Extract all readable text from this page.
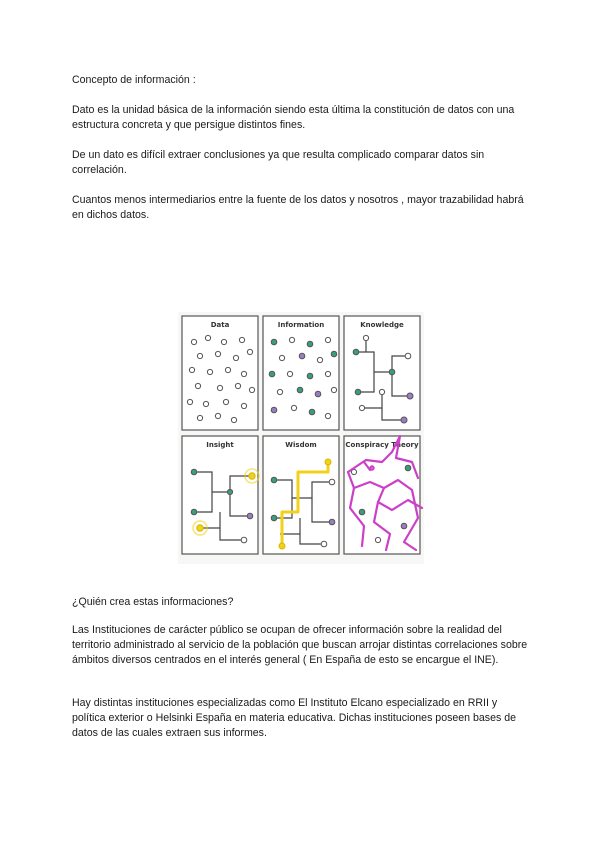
Concepto de información :

Dato es la unidad básica de la información siendo esta última la constitución de datos con una estructura concreta y que persigue distintos fines.

De un dato es difícil extraer conclusiones ya que resulta complicado comparar datos sin correlación.

Cuantos menos intermediarios entre la fuente de los datos y nosotros , mayor trazabilidad habrá en dichos datos.

Data	Information	Knowledge
Insight	Wisdom	Conspiracy Theory

¿Quién crea estas informaciones?

Las Instituciones de carácter público se ocupan de ofrecer información sobre la realidad del territorio administrado al servicio de la población que buscan arrojar distintas correlaciones sobre ámbitos diversos centrados en el interés general ( En España de esto se encargue el INE).

Hay distintas instituciones especializadas como El Instituto Elcano especializado en RRII y política exterior o Helsinki España en materia educativa. Dichas instituciones poseen bases de datos de las cuales extraen sus informes.
